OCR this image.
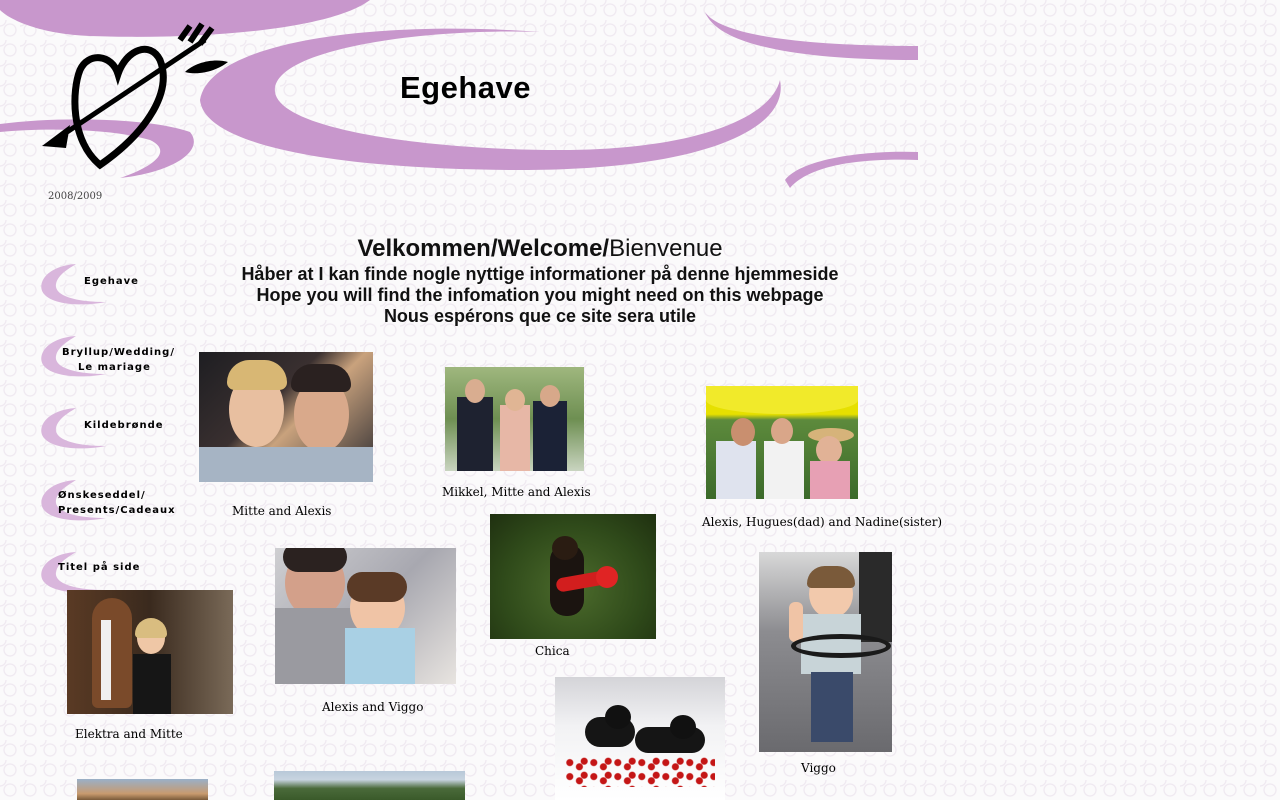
Egehave
2008/2009
Egehave
Bryllup/Wedding/
Le mariage
Kildebrønde
Ønskeseddel/
Presents/Cadeaux
Titel på side
Velkommen/Welcome/Bienvenue
Håber at I kan finde nogle nyttige informationer på denne hjemmeside
Hope you will find the infomation you might need on this webpage
Nous espérons que ce site sera utile
Mitte and Alexis
Mikkel, Mitte and Alexis
Alexis, Hugues(dad) and Nadine(sister)
Elektra and Mitte
Alexis and Viggo
Chica
Viggo
